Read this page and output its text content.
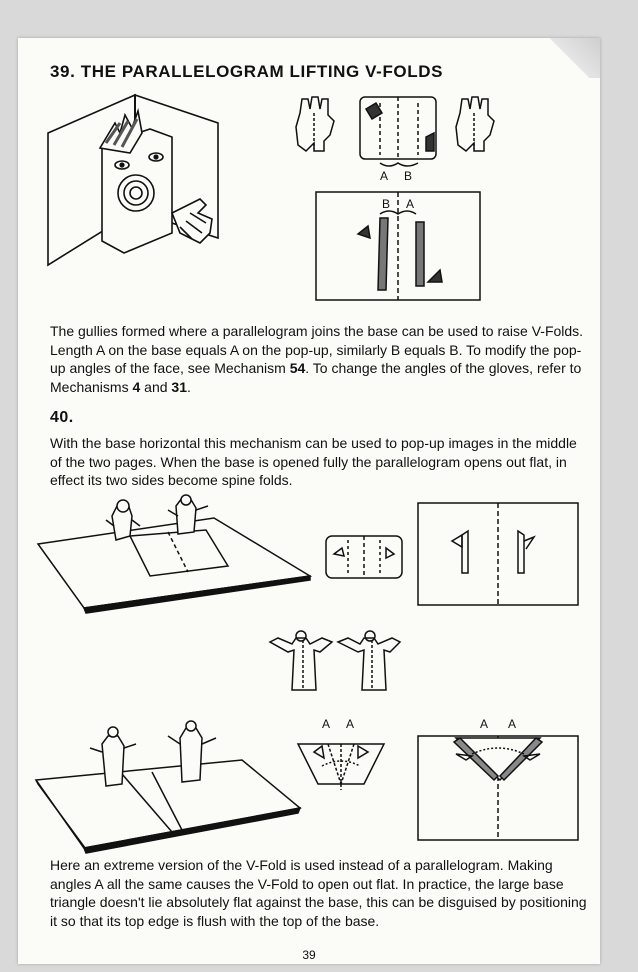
39. THE PARALLELOGRAM LIFTING V-FOLDS
A B
B A

The gullies formed where a parallelogram joins the base can be used to raise V-Folds. Length A on the base equals A on the pop-up, similarly B equals B. To modify the pop-up angles of the face, see Mechanism 54. To change the angles of the gloves, refer to Mechanisms 4 and 31.

40.

With the base horizontal this mechanism can be used to pop-up images in the middle of the two pages. When the base is opened fully the parallelogram opens out flat, in effect its two sides become spine folds.

A A	A A

Here an extreme version of the V-Fold is used instead of a parallelogram. Making angles A all the same causes the V-Fold to open out flat. In practice, the large base triangle doesn't lie absolutely flat against the base, this can be disguised by positioning it so that its top edge is flush with the top of the base.

39
